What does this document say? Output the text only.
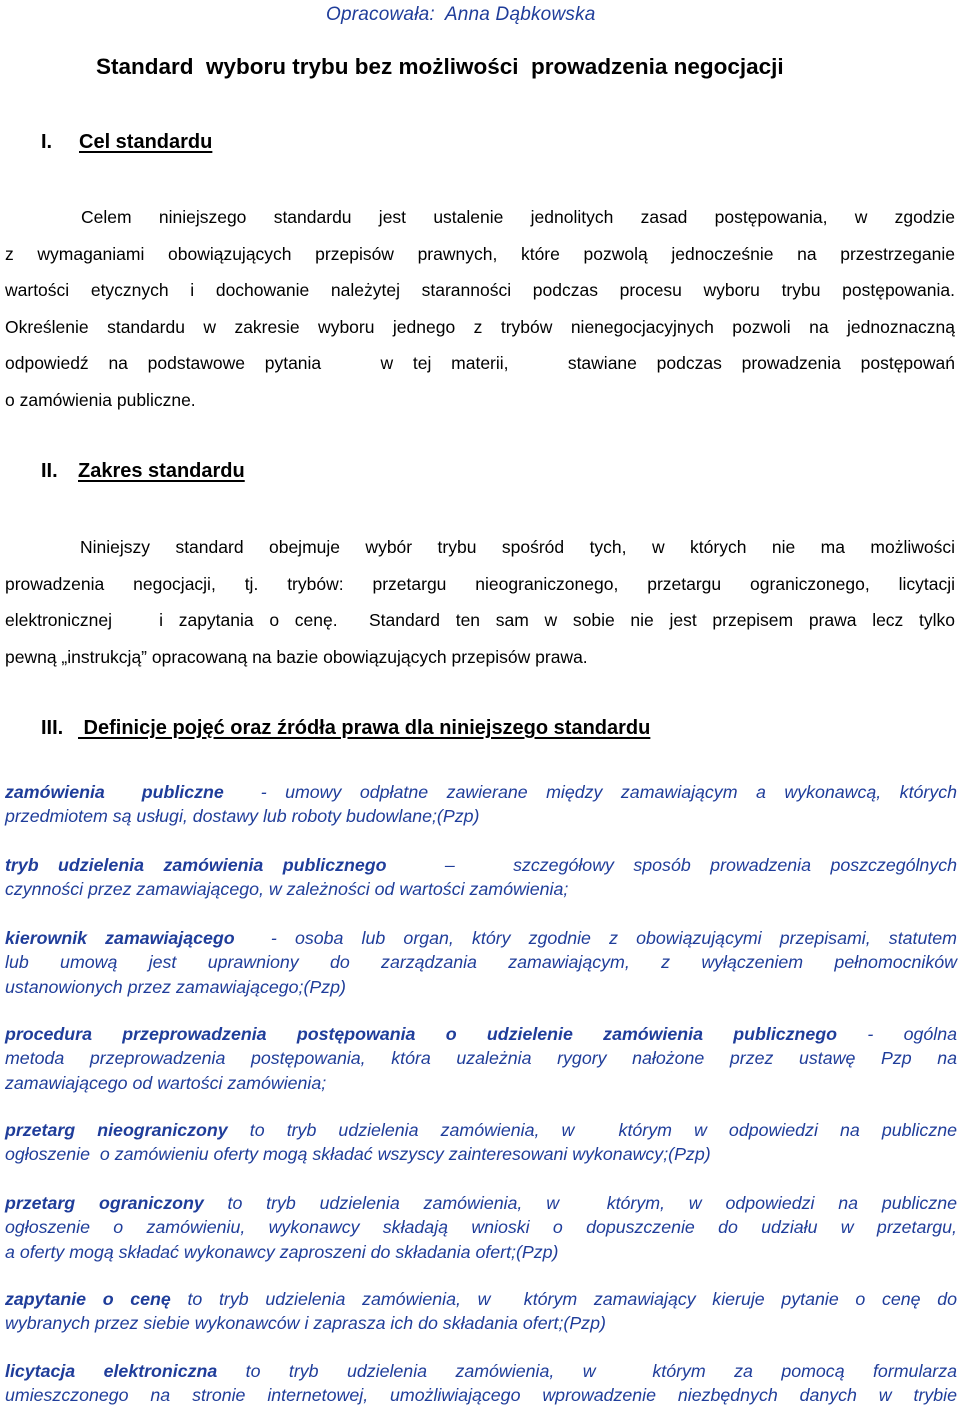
Opracowała: Anna Dąbkowska
Standard  wyboru trybu bez możliwości  prowadzenia negocjacji
I. Cel standardu
Celem niniejszego standardu jest ustalenie jednolitych zasad postępowania, w zgodzie
z wymaganiami obowiązujących przepisów prawnych, które pozwolą jednocześnie na przestrzeganie
wartości etycznych i dochowanie należytej staranności podczas procesu wyboru trybu postępowania.
Określenie standardu w zakresie wyboru jednego z trybów nienegocjacyjnych pozwoli na jednoznaczną
odpowiedź  na  podstawowe  pytania      w  tej  materii,      stawiane  podczas  prowadzenia  postępowań
o zamówienia publiczne.
II. Zakres standardu
Niniejszy standard obejmuje wybór trybu spośród tych, w których nie ma możliwości
prowadzenia negocjacji, tj. trybów: przetargu nieograniczonego, przetargu ograniczonego, licytacji
elektronicznej   i zapytania o cenę.  Standard ten sam w sobie nie jest przepisem prawa lecz tylko
pewną „instrukcją” opracowaną na bazie obowiązujących przepisów prawa.
III. Definicje pojęć oraz źródła prawa dla niniejszego standardu
zamówienia  publiczne  - umowy odpłatne zawierane między zamawiającym a wykonawcą, których
przedmiotem są usługi, dostawy lub roboty budowlane;(Pzp)
tryb udzielenia zamówienia publicznego   –   szczegółowy sposób prowadzenia poszczególnych
czynności przez zamawiającego, w zależności od wartości zamówienia;
kierownik zamawiającego  - osoba lub organ, który zgodnie z obowiązującymi przepisami, statutem
lub umową jest uprawniony do zarządzania zamawiającym, z wyłączeniem pełnomocników
ustanowionych przez zamawiającego;(Pzp)
procedura przeprowadzenia postępowania o udzielenie zamówienia publicznego - ogólna
metoda przeprowadzenia postępowania, która uzależnia rygory nałożone przez ustawę Pzp na
zamawiającego od wartości zamówienia;
przetarg nieograniczony to tryb udzielenia zamówienia, w  którym w odpowiedzi na publiczne
ogłoszenie  o zamówieniu oferty mogą składać wszyscy zainteresowani wykonawcy;(Pzp)
przetarg ograniczony to tryb udzielenia zamówienia, w  którym, w odpowiedzi na publiczne
ogłoszenie o zamówieniu, wykonawcy składają wnioski o dopuszczenie do udziału w przetargu,
a oferty mogą składać wykonawcy zaproszeni do składania ofert;(Pzp)
zapytanie o cenę to tryb udzielenia zamówienia, w  którym zamawiający kieruje pytanie o cenę do
wybranych przez siebie wykonawców i zaprasza ich do składania ofert;(Pzp)
licytacja  elektroniczna  to  tryb  udzielenia  zamówienia,  w    którym  za  pomocą  formularza
umieszczonego na stronie internetowej, umożliwiającego wprowadzenie niezbędnych danych w trybie
